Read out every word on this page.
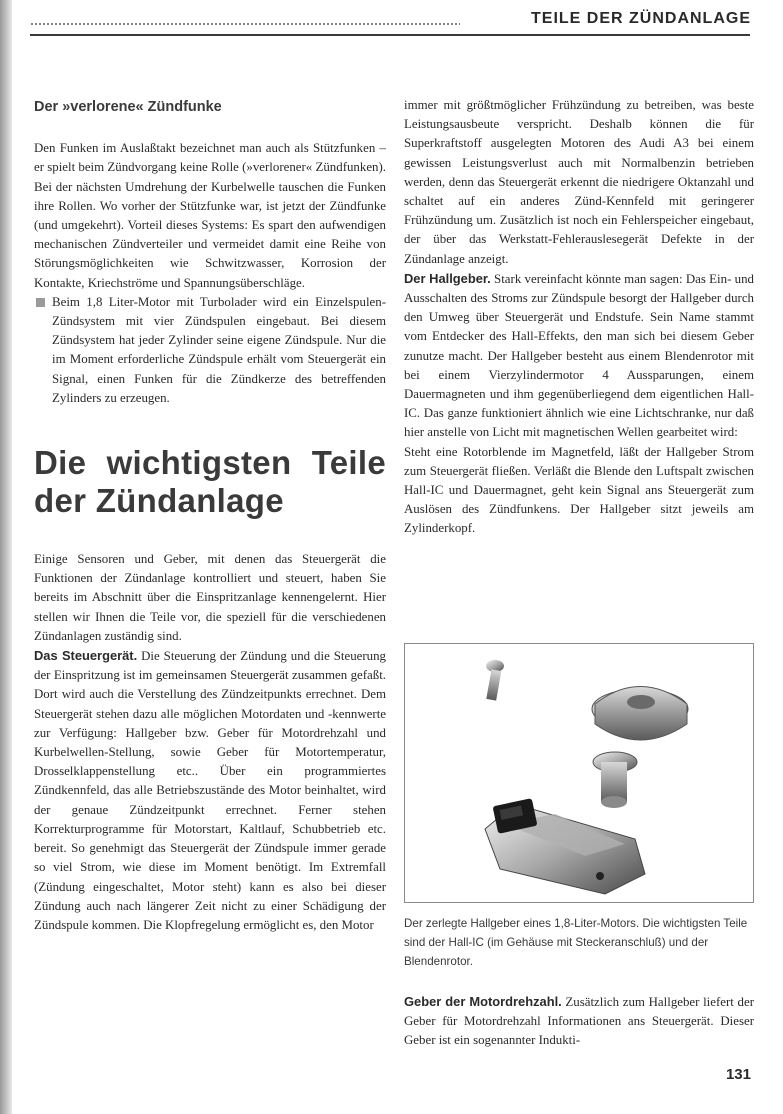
TEILE DER ZÜNDANLAGE
Der »verlorene« Zündfunke

Den Funken im Auslaßtakt bezeichnet man auch als Stützfunken – er spielt beim Zündvorgang keine Rolle (»verlorener« Zündfunken). Bei der nächsten Umdrehung der Kurbelwelle tauschen die Funken ihre Rollen. Wo vorher der Stützfunke war, ist jetzt der Zündfunke (und umgekehrt). Vorteil dieses Systems: Es spart den aufwendigen mechanischen Zündverteiler und vermeidet damit eine Reihe von Störungsmöglichkeiten wie Schwitzwasser, Korrosion der Kontakte, Kriechströme und Spannungsüberschläge.

Beim 1,8 Liter-Motor mit Turbolader wird ein Einzelspulen-Zündsystem mit vier Zündspulen eingebaut. Bei diesem Zündsystem hat jeder Zylinder seine eigene Zündspule. Nur die im Moment erforderliche Zündspule erhält vom Steuergerät ein Signal, einen Funken für die Zündkerze des betreffenden Zylinders zu erzeugen.
Die wichtigsten Teile der Zündanlage

Einige Sensoren und Geber, mit denen das Steuergerät die Funktionen der Zündanlage kontrolliert und steuert, haben Sie bereits im Abschnitt über die Einspritzanlage kennengelernt. Hier stellen wir Ihnen die Teile vor, die speziell für die verschiedenen Zündanlagen zuständig sind.

Das Steuergerät. Die Steuerung der Zündung und die Steuerung der Einspritzung ist im gemeinsamen Steuergerät zusammen gefaßt. Dort wird auch die Verstellung des Zündzeitpunkts errechnet. Dem Steuergerät stehen dazu alle möglichen Motordaten und -kennwerte zur Verfügung: Hallgeber bzw. Geber für Motordrehzahl und Kurbelwellen-Stellung, sowie Geber für Motortemperatur, Drosselklappenstellung etc.. Über ein programmiertes Zündkennfeld, das alle Betriebszustände des Motor beinhaltet, wird der genaue Zündzeitpunkt errechnet. Ferner stehen Korrekturprogramme für Motorstart, Kaltlauf, Schubbetrieb etc. bereit. So genehmigt das Steuergerät der Zündspule immer gerade so viel Strom, wie diese im Moment benötigt. Im Extremfall (Zündung eingeschaltet, Motor steht) kann es also bei dieser Zündung auch nach längerer Zeit nicht zu einer Schädigung der Zündspule kommen. Die Klopfregelung ermöglicht es, den Motor

immer mit größtmöglicher Frühzündung zu betreiben, was beste Leistungsausbeute verspricht. Deshalb können die für Superkraftstoff ausgelegten Motoren des Audi A3 bei einem gewissen Leistungsverlust auch mit Normalbenzin betrieben werden, denn das Steuergerät erkennt die niedrigere Oktanzahl und schaltet auf ein anderes Zünd-Kennfeld mit geringerer Frühzündung um. Zusätzlich ist noch ein Fehlerspeicher eingebaut, der über das Werkstatt-Fehlerauslesegerät Defekte in der Zündanlage anzeigt.

Der Hallgeber. Stark vereinfacht könnte man sagen: Das Ein- und Ausschalten des Stroms zur Zündspule besorgt der Hallgeber durch den Umweg über Steuergerät und Endstufe. Sein Name stammt vom Entdecker des Hall-Effekts, den man sich bei diesem Geber zunutze macht. Der Hallgeber besteht aus einem Blendenrotor mit bei einem Vierzylindermotor 4 Aussparungen, einem Dauermagneten und ihm gegenüberliegend dem eigentlichen Hall-IC. Das ganze funktioniert ähnlich wie eine Lichtschranke, nur daß hier anstelle von Licht mit magnetischen Wellen gearbeitet wird:

Steht eine Rotorblende im Magnetfeld, läßt der Hallgeber Strom zum Steuergerät fließen. Verläßt die Blende den Luftspalt zwischen Hall-IC und Dauermagnet, geht kein Signal ans Steuergerät zum Auslösen des Zündfunkens. Der Hallgeber sitzt jeweils am Zylinderkopf.

Der zerlegte Hallgeber eines 1,8-Liter-Motors. Die wichtigsten Teile sind der Hall-IC (im Gehäuse mit Steckeranschluß) und der Blendenrotor.

Geber der Motordrehzahl. Zusätzlich zum Hallgeber liefert der Geber für Motordrehzahl Informationen ans Steuergerät. Dieser Geber ist ein sogenannter Indukti-

131
